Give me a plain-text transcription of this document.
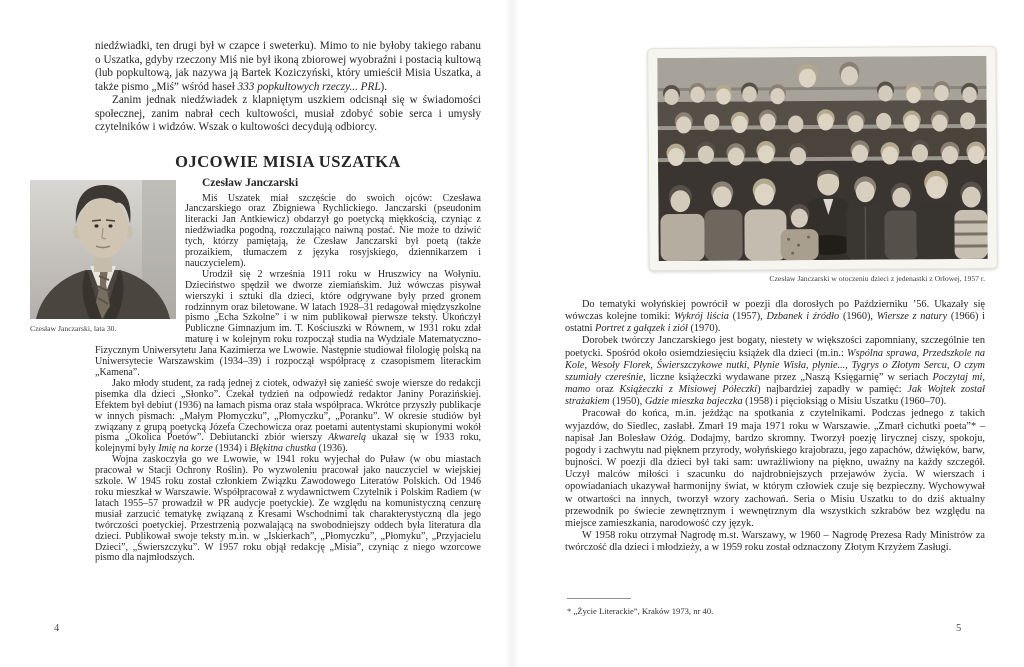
niedźwiadki, ten drugi był w czapce i sweterku). Mimo to nie byłoby takiego rabanu o Uszatka, gdyby rzeczony Miś nie był ikoną zbiorowej wyobraźni i postacią kultową (lub popkultową, jak nazywa ją Bartek Koziczyński, który umieścił Misia Uszatka, a także pismo „Miś” wśród haseł 333 popkultowych rzeczy... PRL).

Zanim jednak niedźwiadek z klapniętym uszkiem odcisnął się w świadomości społecznej, zanim nabrał cech kultowości, musiał zdobyć sobie serca i umysły czytelników i widzów. Wszak o kultowości decydują odbiorcy.

OJCOWIE MISIA USZATKA
Czesław Janczarski, lata 30.
Czesław Janczarski

Miś Uszatek miał szczęście do swoich ojców: Czesława Janczarskiego oraz Zbigniewa Rychlickiego. Janczarski (pseudonim literacki Jan Antkiewicz) obdarzył go poetycką miękkością, czyniąc z niedźwiadka pogodną, rozczulająco naiwną postać. Nie może to dziwić tych, którzy pamiętają, że Czesław Janczarski był poetą (także prozaikiem, tłumaczem z języka rosyjskiego, dziennikarzem i nauczycielem).

Urodził się 2 września 1911 roku w Hruszwicy na Wołyniu. Dzieciństwo spędził we dworze ziemiańskim. Już wówczas pisywał wierszyki i sztuki dla dzieci, które odgrywane były przed gronem rodzinnym oraz biletowane. W latach 1928–31 redagował międzyszkolne pismo „Echa Szkolne” i w nim publikował pierwsze teksty. Ukończył Publiczne Gimnazjum im. T. Kościuszki w Równem, w 1931 roku zdał maturę i w kolejnym roku rozpoczął studia na Wydziale Matematyczno-Fizycznym Uniwersytetu Jana Kazimierza we Lwowie. Następnie studiował filologię polską na Uniwersytecie Warszawskim (1934–39) i rozpoczął współpracę z czasopismem literackim „Kamena”.

Jako młody student, za radą jednej z ciotek, odważył się zanieść swoje wiersze do redakcji pisemka dla dzieci „Słonko”. Czekał tydzień na odpowiedź redaktor Janiny Porazińskiej. Efektem był debiut (1936) na łamach pisma oraz stała współpraca. Wkrótce przyszły publikacje w innych pismach: „Małym Płomyczku”, „Płomyczku”, „Poranku”. W okresie studiów był związany z grupą poetycką Józefa Czechowicza oraz poetami autentystami skupionymi wokół pisma „Okolica Poetów”. Debiutancki zbiór wierszy Akwarelą ukazał się w 1933 roku, kolejnymi były Imię na korze (1934) i Błękitna chustka (1936).

Wojna zaskoczyła go we Lwowie, w 1941 roku wyjechał do Puław (w obu miastach pracował w Stacji Ochrony Roślin). Po wyzwoleniu pracował jako nauczyciel w wiejskiej szkole. W 1945 roku został członkiem Związku Zawodowego Literatów Polskich. Od 1946 roku mieszkał w Warszawie. Współpracował z wydawnictwem Czytelnik i Polskim Radiem (w latach 1955–57 prowadził w PR audycje poetyckie). Ze względu na komunistyczną cenzurę musiał zarzucić tematykę związaną z Kresami Wschodnimi tak charakterystyczną dla jego twórczości poetyckiej. Przestrzenią pozwalającą na swobodniejszy oddech była literatura dla dzieci. Publikował swoje teksty m.in. w „Iskierkach”, „Płomyczku”, „Płomyku”, „Przyjacielu Dzieci”, „Świerszczyku”. W 1957 roku objął redakcję „Misia”, czyniąc z niego wzorcowe pismo dla najmłodszych.

4
Czesław Janczarski w otoczeniu dzieci z jedenastki z Orłowej, 1957 r.

Do tematyki wołyńskiej powrócił w poezji dla dorosłych po Październiku ’56. Ukazały się wówczas kolejne tomiki: Wykrój liścia (1957), Dzbanek i źródło (1960), Wiersze z natury (1966) i ostatni Portret z gałązek i ziół (1970).

Dorobek twórczy Janczarskiego jest bogaty, niestety w większości zapomniany, szczególnie ten poetycki. Spośród około osiemdziesięciu książek dla dzieci (m.in.: Wspólna sprawa, Przedszkole na Kole, Wesoły Florek, Świerszczykowe nutki, Płynie Wisła, płynie..., Tygrys o Złotym Sercu, O czym szumiały czereśnie, liczne książeczki wydawane przez „Naszą Księgarnię” w seriach Poczytaj mi, mamo oraz Książeczki z Misiowej Półeczki) najbardziej zapadły w pamięć: Jak Wojtek został strażakiem (1950), Gdzie mieszka bajeczka (1958) i pięcioksiąg o Misiu Uszatku (1960–70).

Pracował do końca, m.in. jeżdżąc na spotkania z czytelnikami. Podczas jednego z takich wyjazdów, do Siedlec, zasłabł. Zmarł 19 maja 1971 roku w Warszawie. „Zmarł cichutki poeta”* – napisał Jan Bolesław Ożóg. Dodajmy, bardzo skromny. Tworzył poezję lirycznej ciszy, spokoju, pogody i zachwytu nad pięknem przyrody, wołyńskiego krajobrazu, jego zapachów, dźwięków, barw, bujności. W poezji dla dzieci był taki sam: uwrażliwiony na piękno, uważny na każdy szczegół. Uczył malców miłości i szacunku do najdrobniejszych przejawów życia. W wierszach i opowiadaniach ukazywał harmonijny świat, w którym człowiek czuje się bezpieczny. Wychowywał w otwartości na innych, tworzył wzory zachowań. Seria o Misiu Uszatku to do dziś aktualny przewodnik po świecie zewnętrznym i wewnętrznym dla wszystkich szkrabów bez względu na miejsce zamieszkania, narodowość czy język.

W 1958 roku otrzymał Nagrodę m.st. Warszawy, w 1960 – Nagrodę Prezesa Rady Ministrów za twórczość dla dzieci i młodzieży, a w 1959 roku został odznaczony Złotym Krzyżem Zasługi.

* „Życie Literackie”, Kraków 1973, nr 40.
5
